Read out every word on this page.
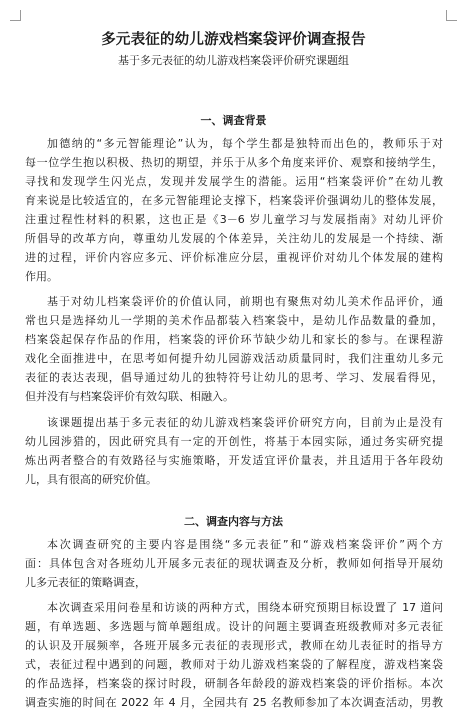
多元表征的幼儿游戏档案袋评价调查报告
基于多元表征的幼儿游戏档案袋评价研究课题组
一、调查背景
加德纳的“多元智能理论”认为，每个学生都是独特而出色的，教师乐于对
每一位学生抱以积极、热切的期望，并乐于从多个角度来评价、观察和接纳学生，
寻找和发现学生闪光点，发现并发展学生的潜能。运用“档案袋评价”在幼儿教
育来说是比较适宜的，在多元智能理论支撑下，档案袋评价强调幼儿的整体发展，
注重过程性材料的积累，这也正是《3－6 岁儿童学习与发展指南》对幼儿评价
所倡导的改革方向，尊重幼儿发展的个体差异，关注幼儿的发展是一个持续、渐
进的过程，评价内容应多元、评价标准应分层，重视评价对幼儿个体发展的建构
作用。
基于对幼儿档案袋评价的价值认同，前期也有聚焦对幼儿美术作品评价，通
常也只是选择幼儿一学期的美术作品都装入档案袋中，是幼儿作品数量的叠加，
档案袋起保存作品的作用，档案袋的评价环节缺少幼儿和家长的参与。在课程游
戏化全面推进中，在思考如何提升幼儿园游戏活动质量同时，我们注重幼儿多元
表征的表达表现，倡导通过幼儿的独特符号让幼儿的思考、学习、发展看得见，
但并没有与档案袋评价有效勾联、相融入。
该课题提出基于多元表征的幼儿游戏档案袋评价研究方向，目前为止是没有
幼儿园涉猎的，因此研究具有一定的开创性，将基于本园实际，通过务实研究提
炼出两者整合的有效路径与实施策略，开发适宜评价量表，并且适用于各年段幼
儿，具有很高的研究价值。
二、调查内容与方法
本次调查研究的主要内容是围绕“多元表征”和“游戏档案袋评价”两个方
面：具体包含对各班幼儿开展多元表征的现状调查及分析，教师如何指导开展幼
儿多元表征的策略调查，
本次调查采用问卷星和访谈的两种方式，围绕本研究预期目标设置了 17 道问
题，有单选题、多选题与简单题组成。设计的问题主要调查班级教师对多元表征
的认识及开展频率，各班开展多元表征的表现形式，教师在幼儿表征时的指导方
式，表征过程中遇到的问题，教师对于幼儿游戏档案袋的了解程度，游戏档案袋
的作品选择，档案袋的探讨时段，研制各年龄段的游戏档案袋的评价指标。本次
调查实施的时间在 2022 年 4 月，全园共有 25 名教师参加了本次调查活动，男教
